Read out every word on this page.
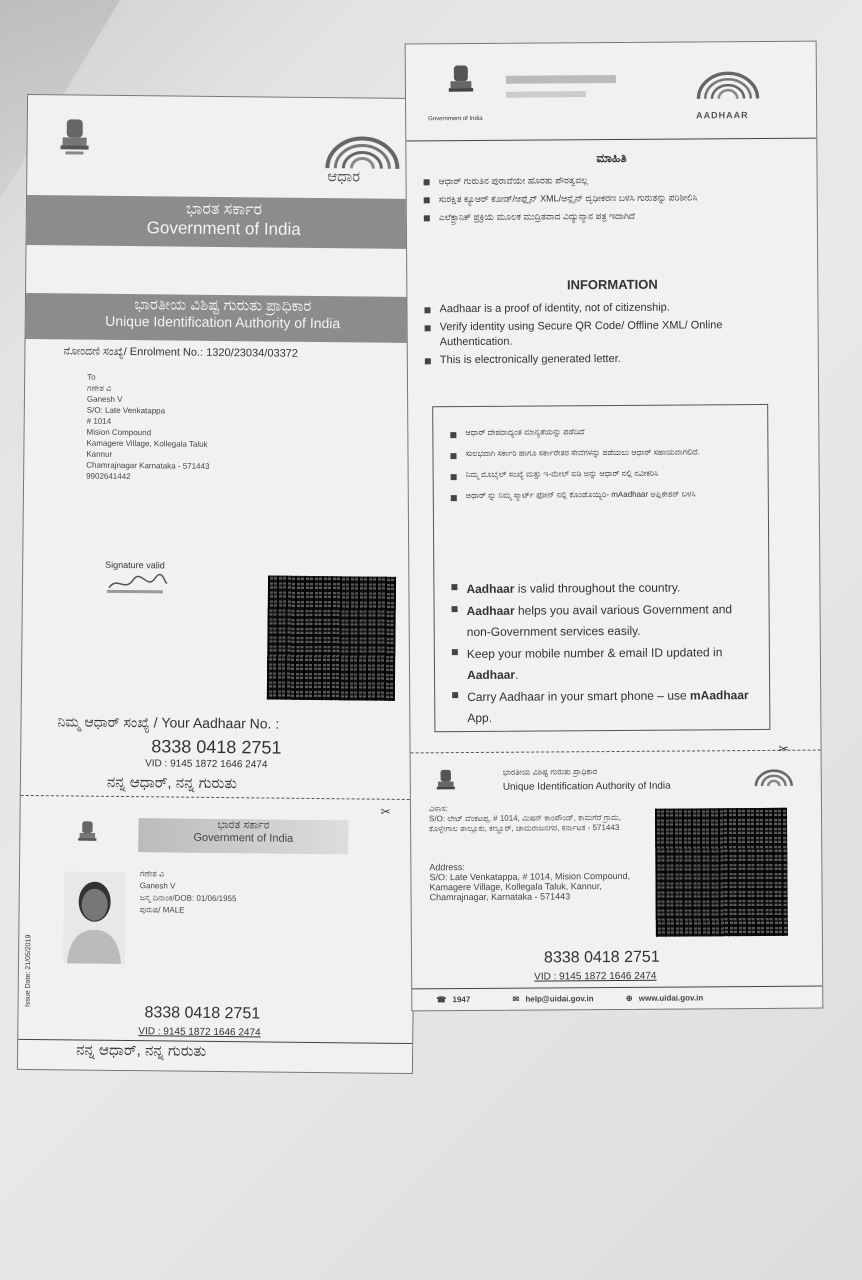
ಆಧಾರ
ಭಾರತ ಸರ್ಕಾರ
Government of India
ಭಾರತೀಯ ವಿಶಿಷ್ಟ ಗುರುತು ಪ್ರಾಧಿಕಾರ
Unique Identification Authority of India
ನೋಂದಣಿ ಸಂಖ್ಯೆ/ Enrolment No.: 1320/23034/03372
To
ಗಣೇಶ ವಿ
Ganesh V
S/O: Late Venkatappa
# 1014
Mision Compound
Kamagere Village, Kollegala Taluk
Kannur
Chamrajnagar Karnataka - 571443
9902641442
Signature valid
ನಿಮ್ಮ ಆಧಾರ್ ಸಂಖ್ಯೆ / Your Aadhaar No. :
8338 0418 2751
VID : 9145 1872 1646 2474
ನನ್ನ ಆಧಾರ್, ನನ್ನ ಗುರುತು
✂
ಭಾರತ ಸರ್ಕಾರ
Government of India
Issue Date: 21/05/2019
ಗಣೇಶ ವಿ
Ganesh V
ಜನ್ಮ ದಿನಾಂಕ/DOB: 01/06/1955
ಪುರುಷ/ MALE
8338 0418 2751
VID : 9145 1872 1646 2474
ನನ್ನ ಆಧಾರ್, ನನ್ನ ಗುರುತು
Government of India	AADHAAR
ಮಾಹಿತಿ
ಆಧಾರ್ ಗುರುತಿನ ಪುರಾವೆಯೇ ಹೊರತು ಪೌರತ್ವವಲ್ಲ
ಸುರಕ್ಷಿತ ಕ್ಯೂಆರ್ ಕೋಡ್/ಆಫ್ಲೈನ್ XML/ಆನ್ಲೈನ್ ದೃಢೀಕರಣ ಬಳಸಿ ಗುರುತನ್ನು ಪರಿಶೀಲಿಸಿ
ಎಲೆಕ್ಟ್ರಾನಿಕ್ ಪ್ರಕ್ರಿಯೆ ಮೂಲಕ ಮುದ್ರಿತವಾದ ವಿದ್ಯುನ್ಮಾನ ಪತ್ರ ಇದಾಗಿದೆ
INFORMATION
Aadhaar is a proof of identity, not of citizenship.
Verify identity using Secure QR Code/ Offline XML/ Online Authentication.
This is electronically generated letter.
ಆಧಾರ್ ದೇಶದಾದ್ಯಂತ ಮಾನ್ಯತೆಯನ್ನು ಪಡೆದಿದೆ
ಸುಲಭವಾಗಿ ಸರ್ಕಾರಿ ಹಾಗೂ ಸರ್ಕಾರೇತರ ಸೇವೆಗಳನ್ನು ಪಡೆಯಲು ಆಧಾರ್ ಸಹಾಯವಾಗಲಿದೆ.
ನಿಮ್ಮ ಮೊಬೈಲ್ ಸಂಖ್ಯೆ ಮತ್ತು ಇ-ಮೇಲ್ ಐಡಿ ಅನ್ನು ಆಧಾರ್ ನಲ್ಲಿ ನವೀಕರಿಸಿ
ಆಧಾರ್ ನ್ನು ನಿಮ್ಮ ಸ್ಮಾರ್ಟ್ ಫೋನ್ ನಲ್ಲಿ ಕೊಂಡೊಯ್ಯಿರಿ- mAadhaar ಅಪ್ಲಿಕೇಶನ್ ಬಳಸಿ
Aadhaar is valid throughout the country.
Aadhaar helps you avail various Government and non-Government services easily.
Keep your mobile number & email ID updated in Aadhaar.
Carry Aadhaar in your smart phone – use mAadhaar App.
✂
ಭಾರತೀಯ ವಿಶಿಷ್ಟ ಗುರುತು ಪ್ರಾಧಿಕಾರ
Unique Identification Authority of India
ವಿಳಾಸ:
S/O: ಲೇಟ್ ವೆಂಕಟಪ್ಪ, # 1014, ಮಿಷನ್ ಕಾಂಪೌಂಡ್, ಕಾಮಗೆರೆ ಗ್ರಾಮ, ಕೊಳ್ಳೇಗಾಲ ತಾಲ್ಲೂಕು, ಕಣ್ಣೂರ್, ಚಾಮರಾಜನಗರ, ಕರ್ನಾಟಕ - 571443
Address:
S/O: Late Venkatappa, # 1014, Mision Compound, Kamagere Village, Kollegala Taluk, Kannur, Chamrajnagar, Karnataka - 571443
8338 0418 2751
VID : 9145 1872 1646 2474
☎ 1947	✉ help@uidai.gov.in	⊕ www.uidai.gov.in
